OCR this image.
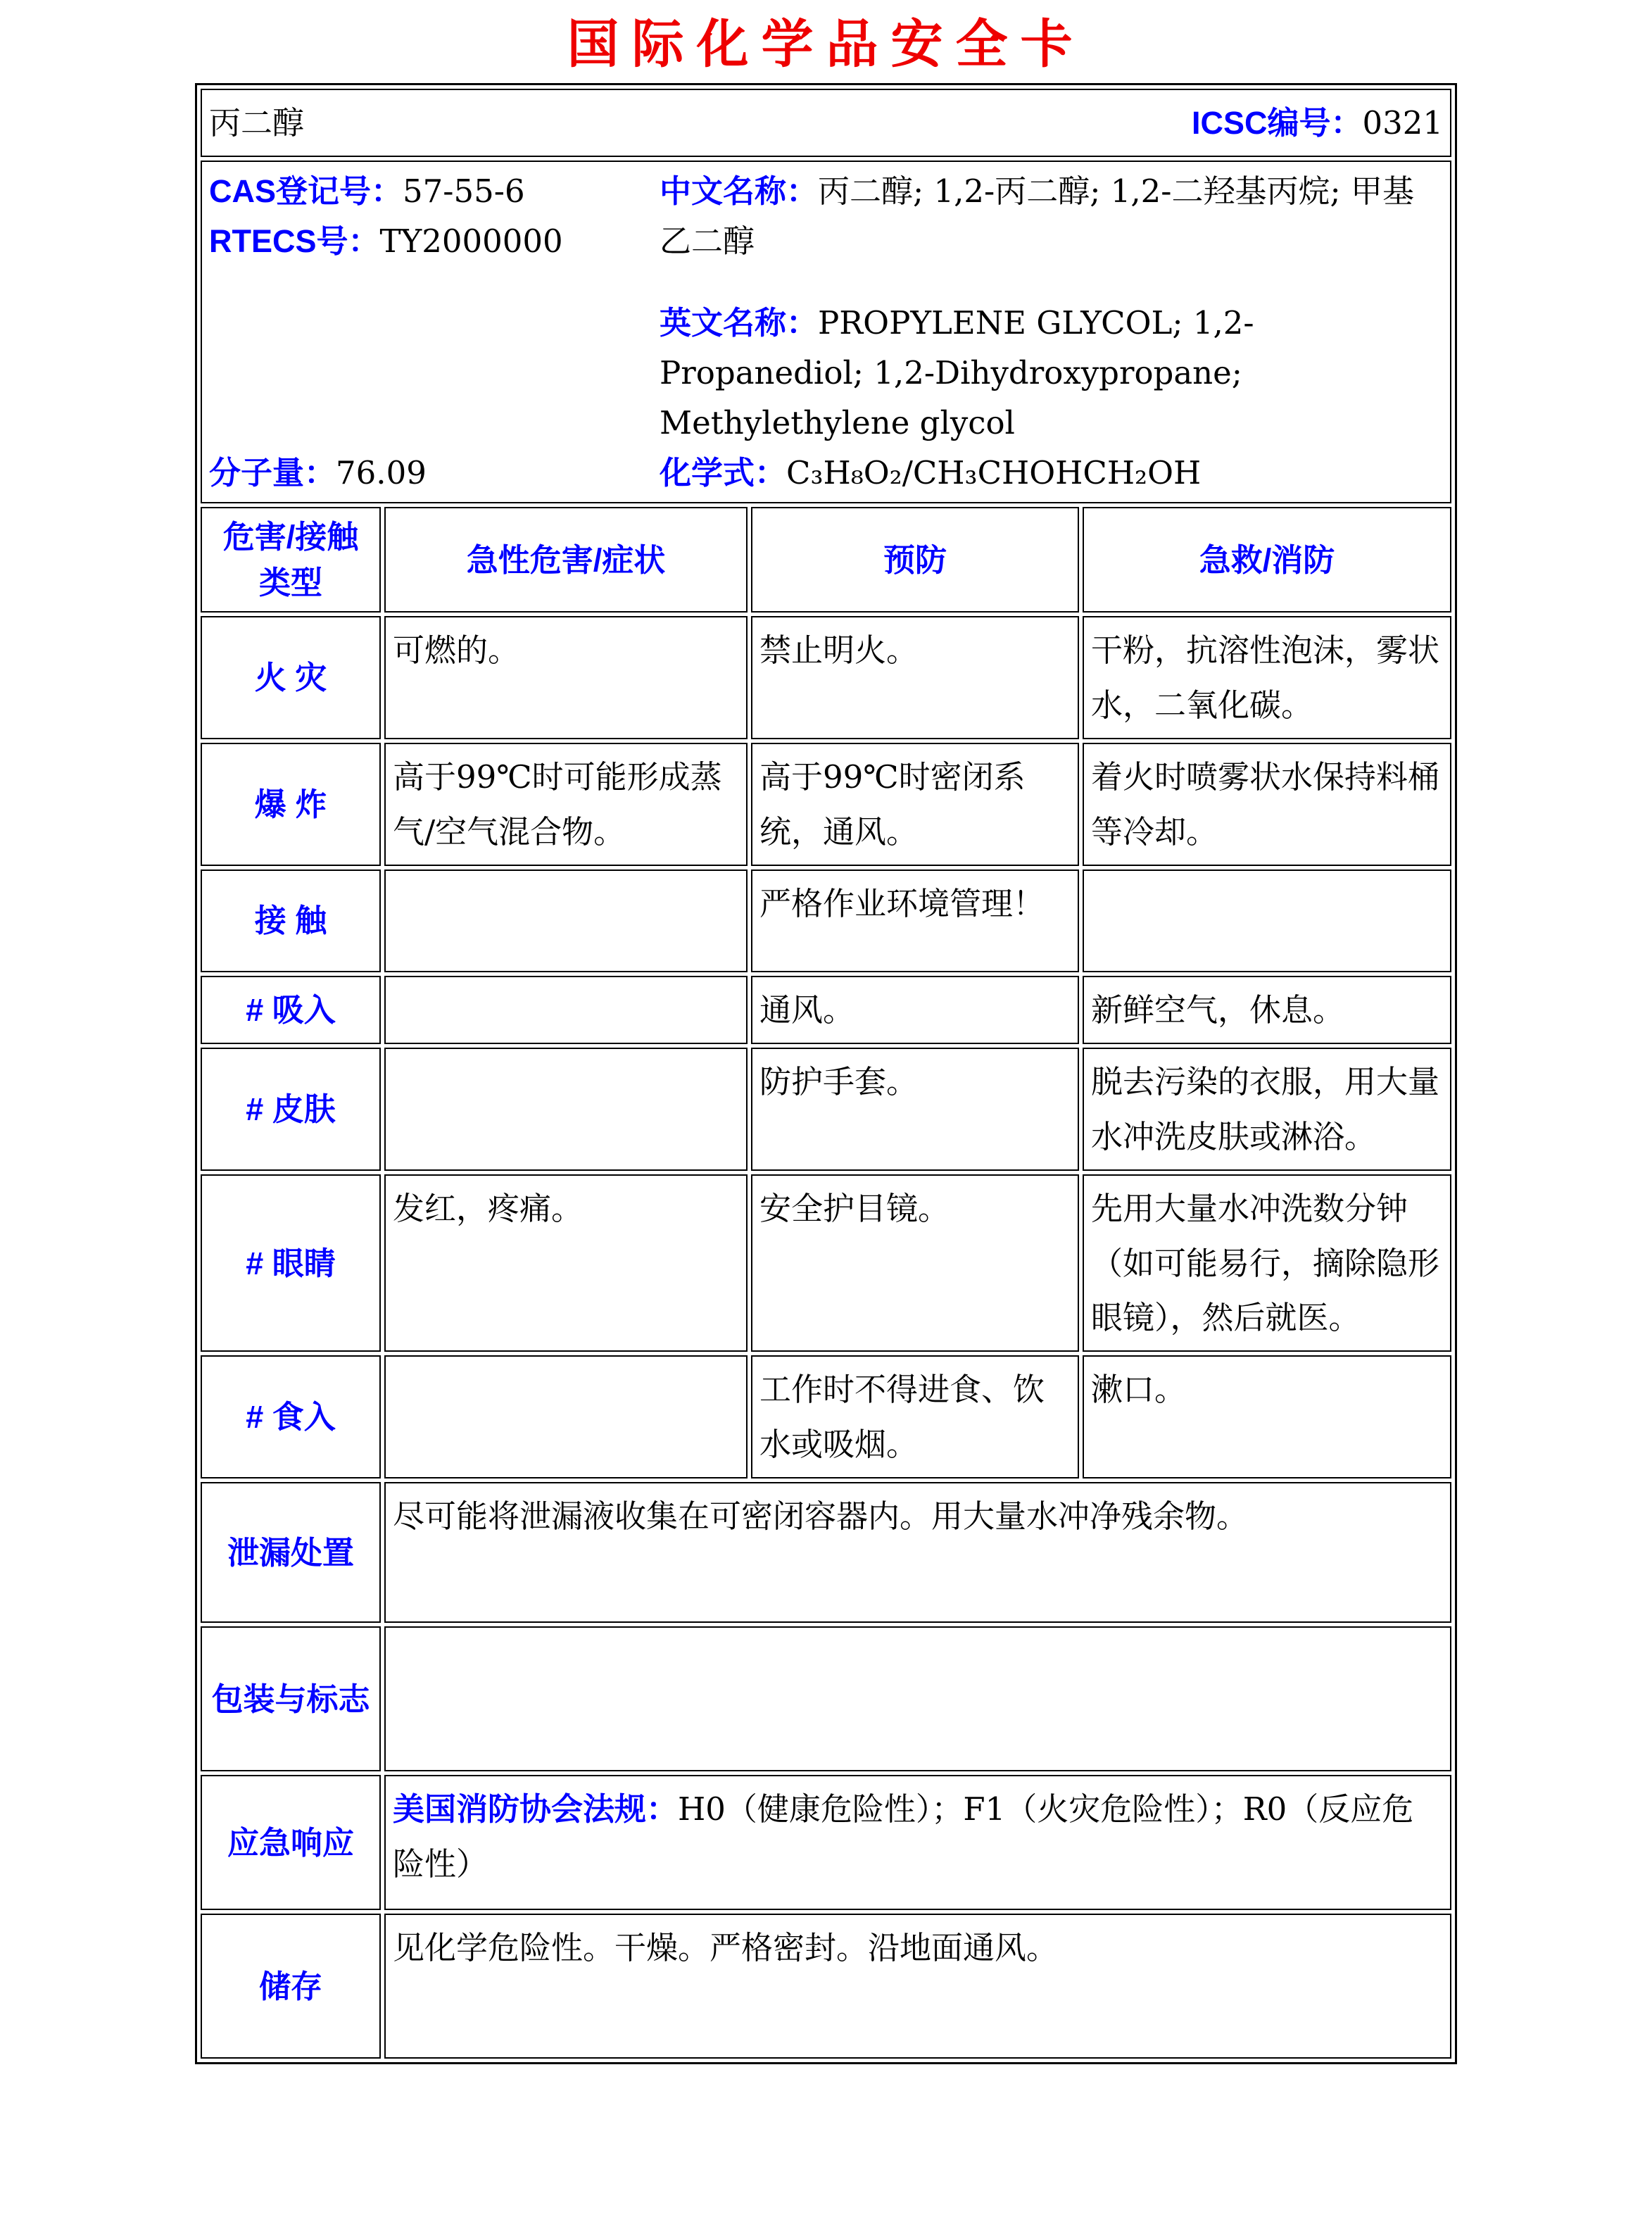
国际化学品安全卡
丙二醇 ICSC编号：0321			

CAS登记号：57-55-6
RTECS号：TY2000000
分子量：76.09
中文名称：丙二醇; 1,2-丙二醇; 1,2-二羟基丙烷; 甲基乙二醇
英文名称：PROPYLENE GLYCOL; 1,2-Propanediol; 1,2-Dihydroxypropane; Methylethylene glycol
化学式：C₃H₈O₂/CH₃CHOHCH₂OH

危害/接触
类型	急性危害/症状	预防	急救/消防
火 灾	可燃的。	禁止明火。	干粉，抗溶性泡沫，雾状水，二氧化碳。
爆 炸	高于99℃时可能形成蒸气/空气混合物。	高于99℃时密闭系统，通风。	着火时喷雾状水保持料桶等冷却。
接 触		严格作业环境管理！	
# 吸入		通风。	新鲜空气，休息。
# 皮肤		防护手套。	脱去污染的衣服，用大量水冲洗皮肤或淋浴。
# 眼睛	发红，疼痛。	安全护目镜。	先用大量水冲洗数分钟（如可能易行，摘除隐形眼镜），然后就医。
# 食入		工作时不得进食、饮水或吸烟。	漱口。
泄漏处置	尽可能将泄漏液收集在可密闭容器内。用大量水冲净残余物。		
包装与标志			
应急响应	美国消防协会法规：H0（健康危险性）；F1（火灾危险性）；R0（反应危险性）		
储存	见化学危险性。干燥。严格密封。沿地面通风。		
